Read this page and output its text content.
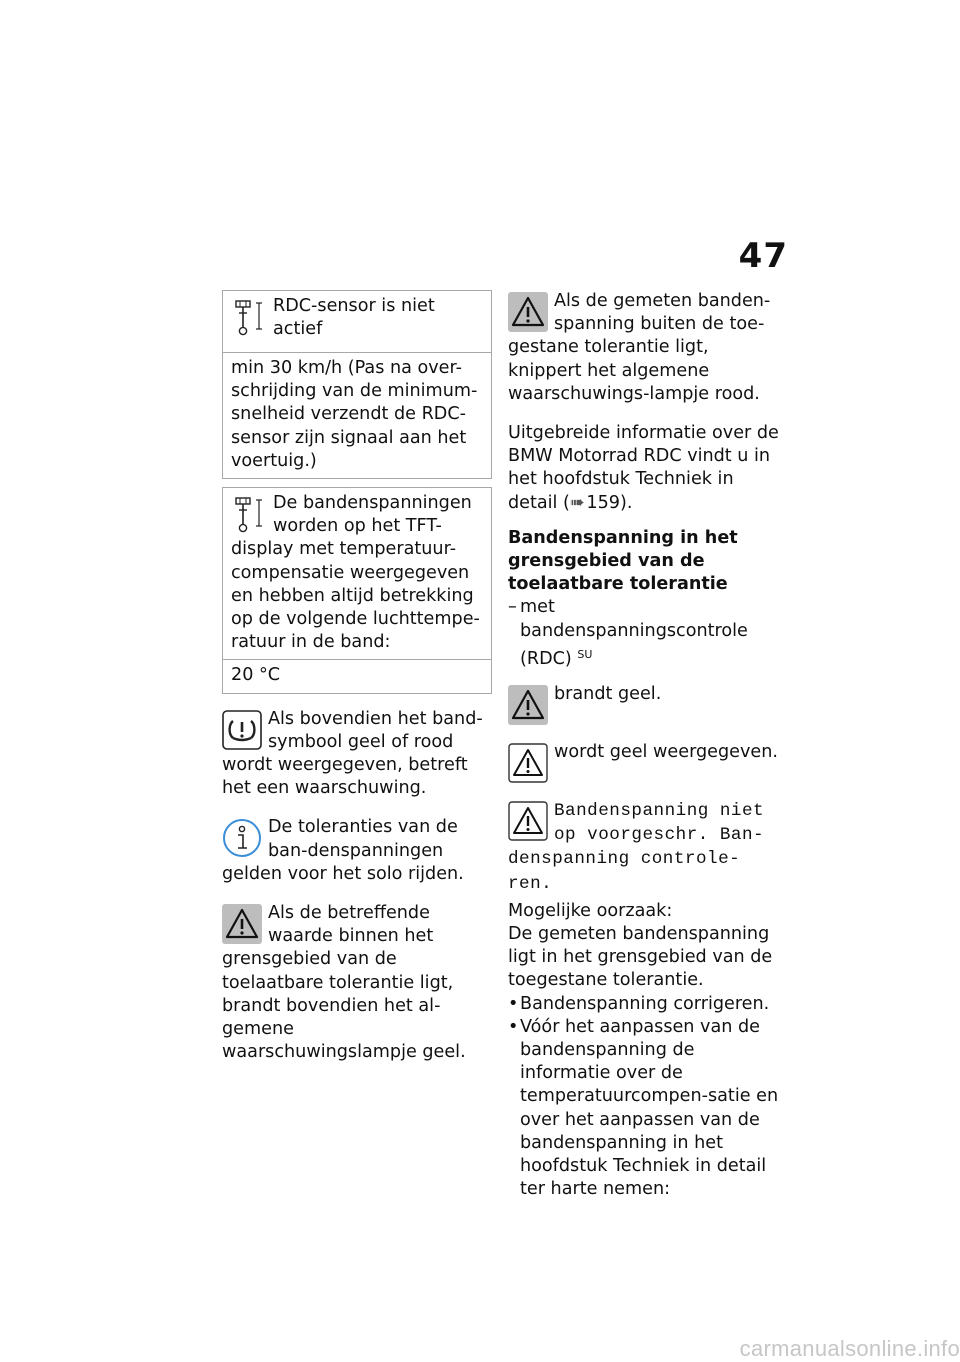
47
RDC-sensor is niet actief
min 30 km/h (Pas na over-schrijding van de minimum-snelheid verzendt de RDC-sensor zijn signaal aan het voertuig.)
De bandenspanningen worden op het TFT-display met temperatuur-compensatie weergegeven en hebben altijd betrekking op de volgende luchttempe-ratuur in de band:
20 °C
Als bovendien het band-symbool geel of rood wordt weergegeven, betreft het een waarschuwing.
De toleranties van de ban-denspanningen gelden voor het solo rijden.
Als de betreffende waarde binnen het grensgebied van de toelaatbare tolerantie ligt, brandt bovendien het al-gemene waarschuwingslampje geel.
Als de gemeten banden-spanning buiten de toe-gestane tolerantie ligt, knippert het algemene waarschuwings-lampje rood.
Uitgebreide informatie over de BMW Motorrad RDC vindt u in het hoofdstuk Techniek in detail (➠  159).
Bandenspanning in het grensgebied van de toelaatbare tolerantie
– met bandenspanningscontrole (RDC) $^{SU}$
brandt geel.
wordt geel weergegeven.
Bandenspanning niet op voorgeschr. Ban-denspanning controle-ren.
Mogelijke oorzaak:
De gemeten bandenspanning ligt in het grensgebied van de toegestane tolerantie.
• Bandenspanning corrigeren.
• Vóór het aanpassen van de bandenspanning de informatie over de temperatuurcompen-satie en over het aanpassen van de bandenspanning in het hoofdstuk Techniek in detail ter harte nemen:
carmanualsonline.info
